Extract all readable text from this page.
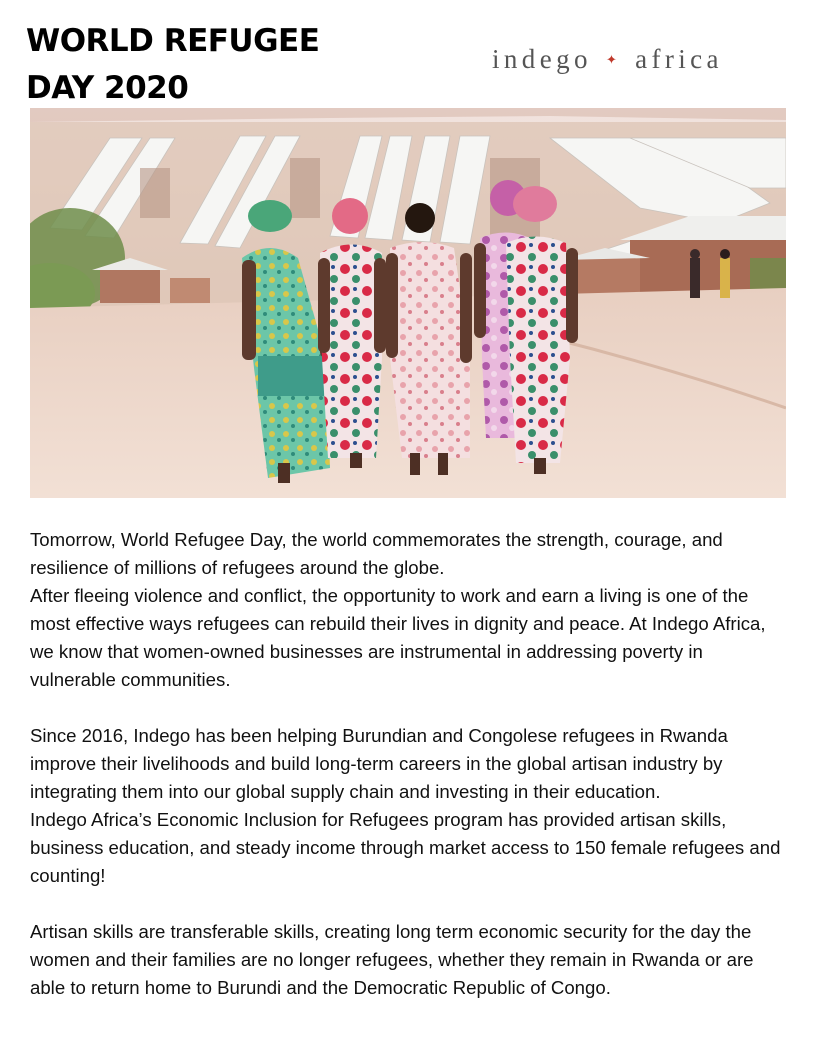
WORLD REFUGEE
DAY 2020
indego ✦ africa

Tomorrow, World Refugee Day, the world commemorates the strength, courage, and resilience of millions of refugees around the globe.
After fleeing violence and conflict, the opportunity to work and earn a living is one of the most effective ways refugees can rebuild their lives in dignity and peace. At Indego Africa, we know that women-owned businesses are instrumental in addressing poverty in vulnerable communities.

Since 2016, Indego has been helping Burundian and Congolese refugees in Rwanda improve their livelihoods and build long-term careers in the global artisan industry by integrating them into our global supply chain and investing in their education.
Indego Africa’s Economic Inclusion for Refugees program has provided artisan skills, business education, and steady income through market access to 150 female refugees and counting!

Artisan skills are transferable skills, creating long term economic security for the day the women and their families are no longer refugees, whether they remain in Rwanda or are able to return home to Burundi and the Democratic Republic of Congo.
